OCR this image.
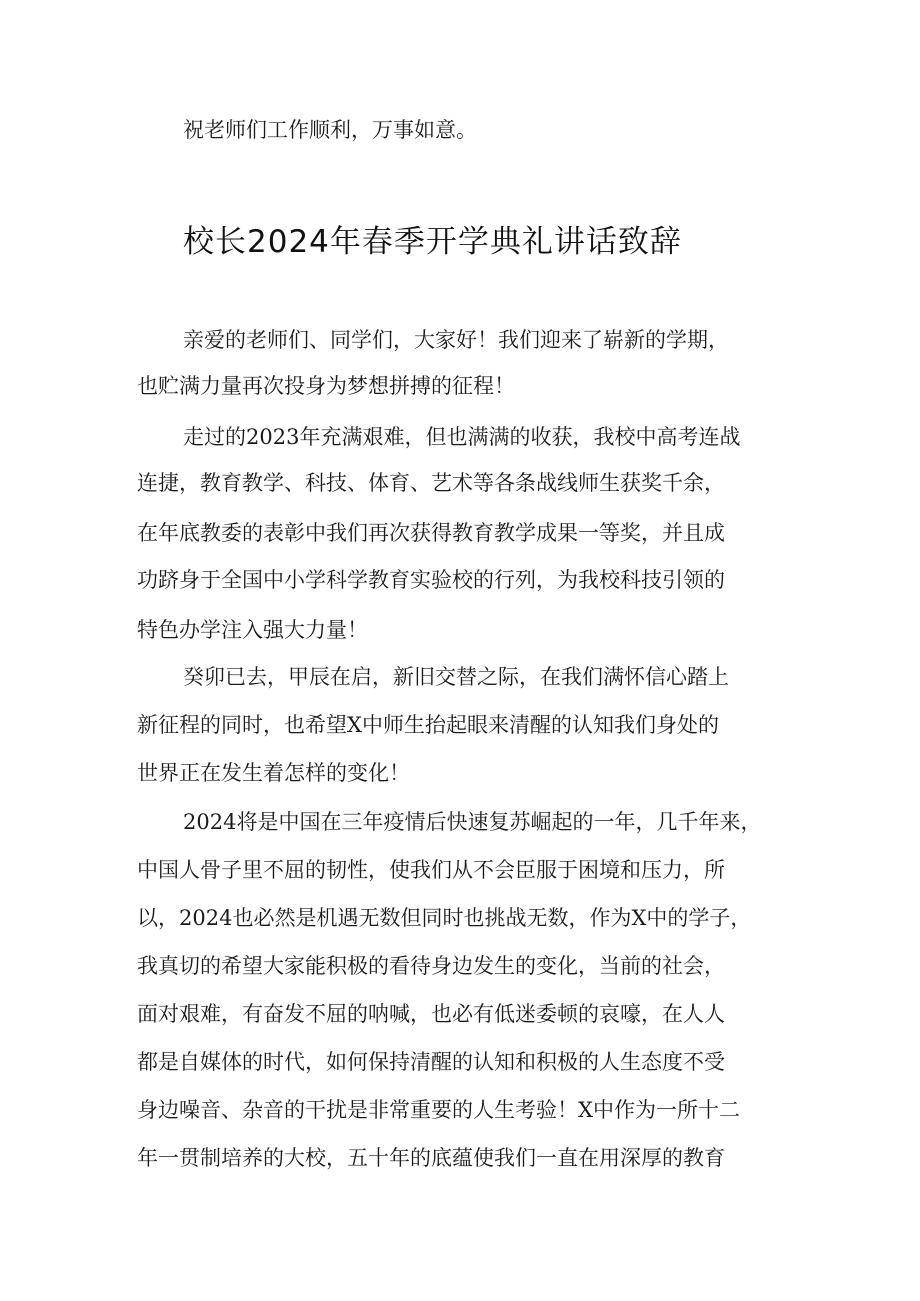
祝老师们工作顺利，万事如意。
校长2024年春季开学典礼讲话致辞
亲爱的老师们、同学们，大家好！我们迎来了崭新的学期，
也贮满力量再次投身为梦想拼搏的征程！
走过的2023年充满艰难，但也满满的收获，我校中高考连战
连捷，教育教学、科技、体育、艺术等各条战线师生获奖千余，
在年底教委的表彰中我们再次获得教育教学成果一等奖，并且成
功跻身于全国中小学科学教育实验校的行列，为我校科技引领的
特色办学注入强大力量！
癸卯已去，甲辰在启，新旧交替之际，在我们满怀信心踏上
新征程的同时，也希望X中师生抬起眼来清醒的认知我们身处的
世界正在发生着怎样的变化！
2024将是中国在三年疫情后快速复苏崛起的一年，几千年来，
中国人骨子里不屈的韧性，使我们从不会臣服于困境和压力，所
以，2024也必然是机遇无数但同时也挑战无数，作为X中的学子，
我真切的希望大家能积极的看待身边发生的变化，当前的社会，
面对艰难，有奋发不屈的呐喊，也必有低迷委顿的哀嚎，在人人
都是自媒体的时代，如何保持清醒的认知和积极的人生态度不受
身边噪音、杂音的干扰是非常重要的人生考验！X中作为一所十二
年一贯制培养的大校，五十年的底蕴使我们一直在用深厚的教育
